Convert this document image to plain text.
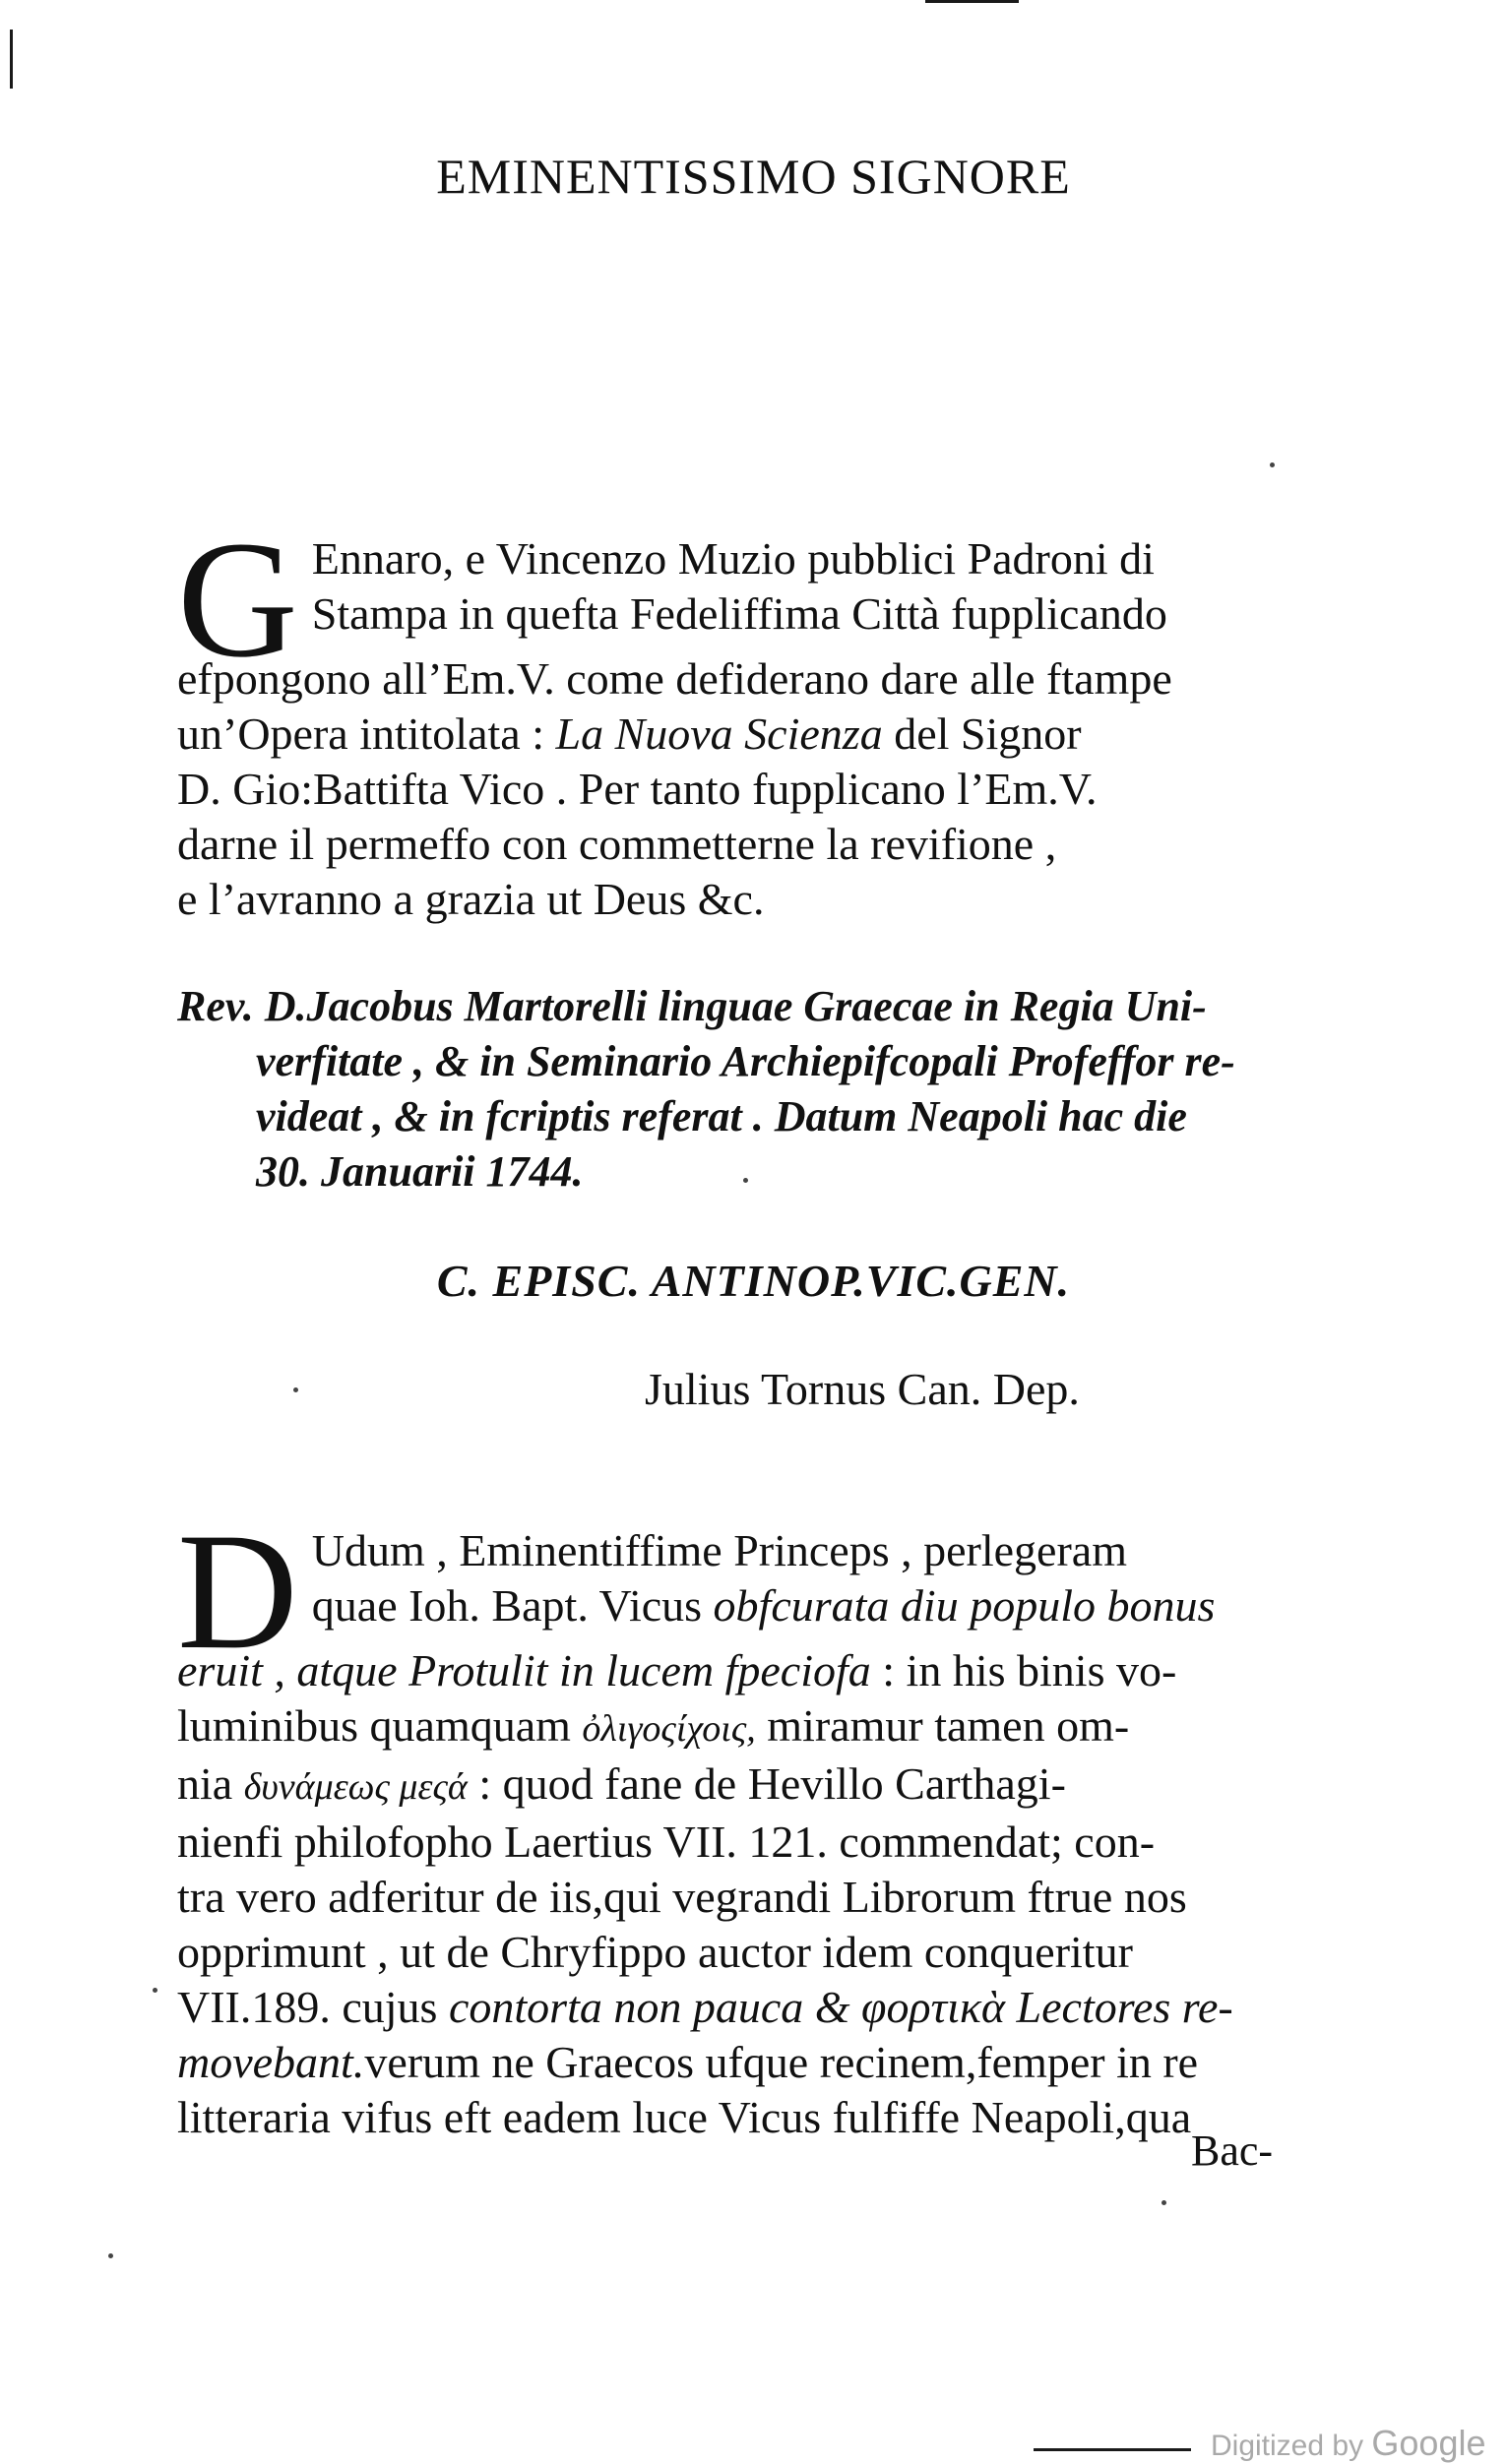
EMINENTISSIMO SIGNORE
G Ennaro, e Vincenzo Muzio pubblici Padroni di
Stampa in quefta Fedeliffima Città fupplicando
efpongono all’Em.V. come defiderano dare alle ftampe
un’Opera intitolata : La Nuova Scienza del Signor
D. Gio:Battifta Vico . Per tanto fupplicano l’Em.V.
darne il permeffo con commetterne la revifione ,
e l’avranno a grazia ut Deus &c.
Rev. D.Jacobus Martorelli linguae Graecae in Regia Uni-
verfitate , & in Seminario Archiepifcopali Profeffor re-
videat , & in fcriptis referat . Datum Neapoli hac die
30. Januarii 1744.
C. EPISC. ANTINOP.VIC.GEN.
Julius Tornus Can. Dep.
D Udum , Eminentiffime Princeps , perlegeram
quae Ioh. Bapt. Vicus obfcurata diu populo bonus
eruit , atque Protulit in lucem fpeciofa : in his binis vo-
luminibus quamquam ὀλιγοςίχοις, miramur tamen om-
nia δυνάμεως μεςά : quod fane de Hevillo Carthagi-
nienfi philofopho Laertius VII. 121. commendat; con-
tra vero adferitur de iis,qui vegrandi Librorum ftrue nos
opprimunt , ut de Chryfippo auctor idem conqueritur
VII.189. cujus contorta non pauca & φορτικὰ Lectores re-
movebant.verum ne Graecos ufque recinem,femper in re
litteraria vifus eft eadem luce Vicus fulfiffe Neapoli,qua
Bac-
Digitized by Google
